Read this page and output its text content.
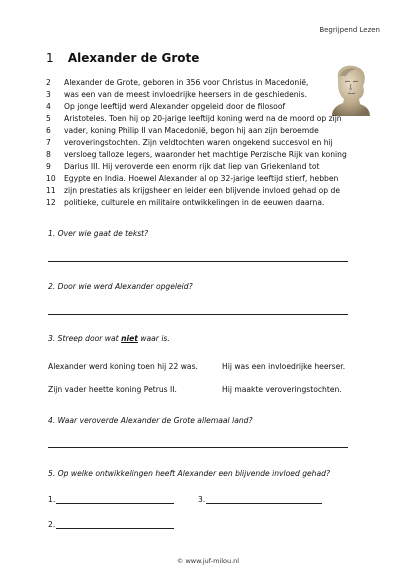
Begrijpend Lezen
1 Alexander de Grote
2 Alexander de Grote, geboren in 356 voor Christus in Macedonië,
3 was een van de meest invloedrijke heersers in de geschiedenis.
4 Op jonge leeftijd werd Alexander opgeleid door de filosoof
5 Aristoteles. Toen hij op 20-jarige leeftijd koning werd na de moord op zijn
6 vader, koning Philip II van Macedonië, begon hij aan zijn beroemde
7 veroveringstochten. Zijn veldtochten waren ongekend succesvol en hij
8 versloeg talloze legers, waaronder het machtige Perzische Rijk van koning
9 Darius III. Hij veroverde een enorm rijk dat liep van Griekenland tot
10 Egypte en India. Hoewel Alexander al op 32-jarige leeftijd stierf, hebben
11 zijn prestaties als krijgsheer en leider een blijvende invloed gehad op de
12 politieke, culturele en militaire ontwikkelingen in de eeuwen daarna.
1. Over wie gaat de tekst?
2. Door wie werd Alexander opgeleid?
3. Streep door wat niet waar is.
Alexander werd koning toen hij 22 was.	Hij was een invloedrijke heerser.
Zijn vader heette koning Petrus II.	Hij maakte veroveringstochten.
4. Waar veroverde Alexander de Grote allemaal land?
5. Op welke ontwikkelingen heeft Alexander een blijvende invloed gehad?
1.	3.
2.
© www.juf-milou.nl
